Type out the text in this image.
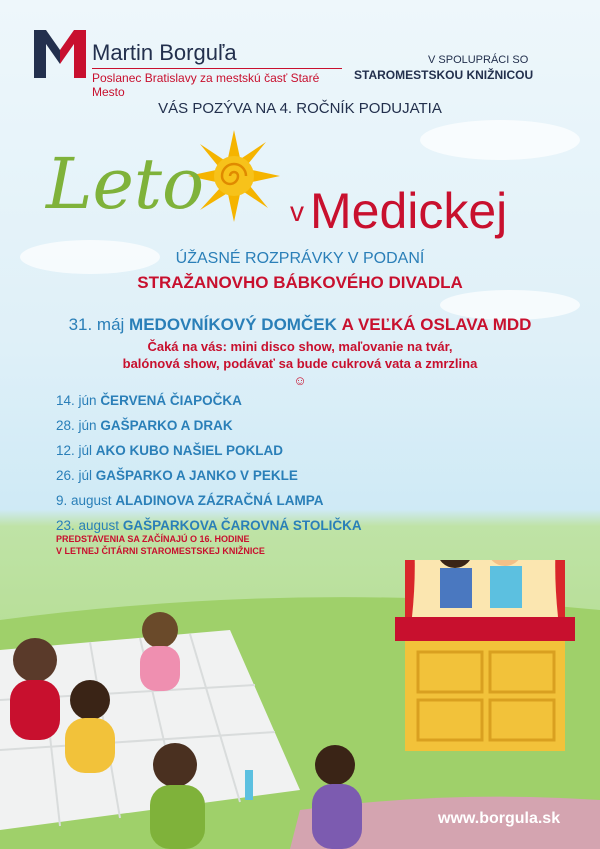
Martin Borguľa
Poslanec Bratislavy za mestskú časť Staré Mesto
V SPOLUPRÁCI SO
STAROMESTSKOU KNIŽNICOU
VÁS POZÝVA NA 4. ROČNÍK PODUJATIA
Leto	v Medickej
ÚŽASNÉ ROZPRÁVKY V PODANÍ
STRAŽANOVHO BÁBKOVÉHO DIVADLA
31. máj MEDOVNÍKOVÝ DOMČEK A VEĽKÁ OSLAVA MDD
Čaká na vás: mini disco show, maľovanie na tvár, balónová show, podávať sa bude cukrová vata a zmrzlina ☺
14. jún ČERVENÁ ČIAPOČKA
28. jún GAŠPARKO A DRAK
12. júl AKO KUBO NAŠIEL POKLAD
26. júl GAŠPARKO A JANKO V PEKLE
9. august ALADINOVA ZÁZRAČNÁ LAMPA
23. august GAŠPARKOVA ČAROVNÁ STOLIČKA
PREDSTAVENIA SA ZAČÍNAJÚ O 16. HODINE
V LETNEJ ČITÁRNI STAROMESTSKEJ KNIŽNICE
www.borgula.sk
